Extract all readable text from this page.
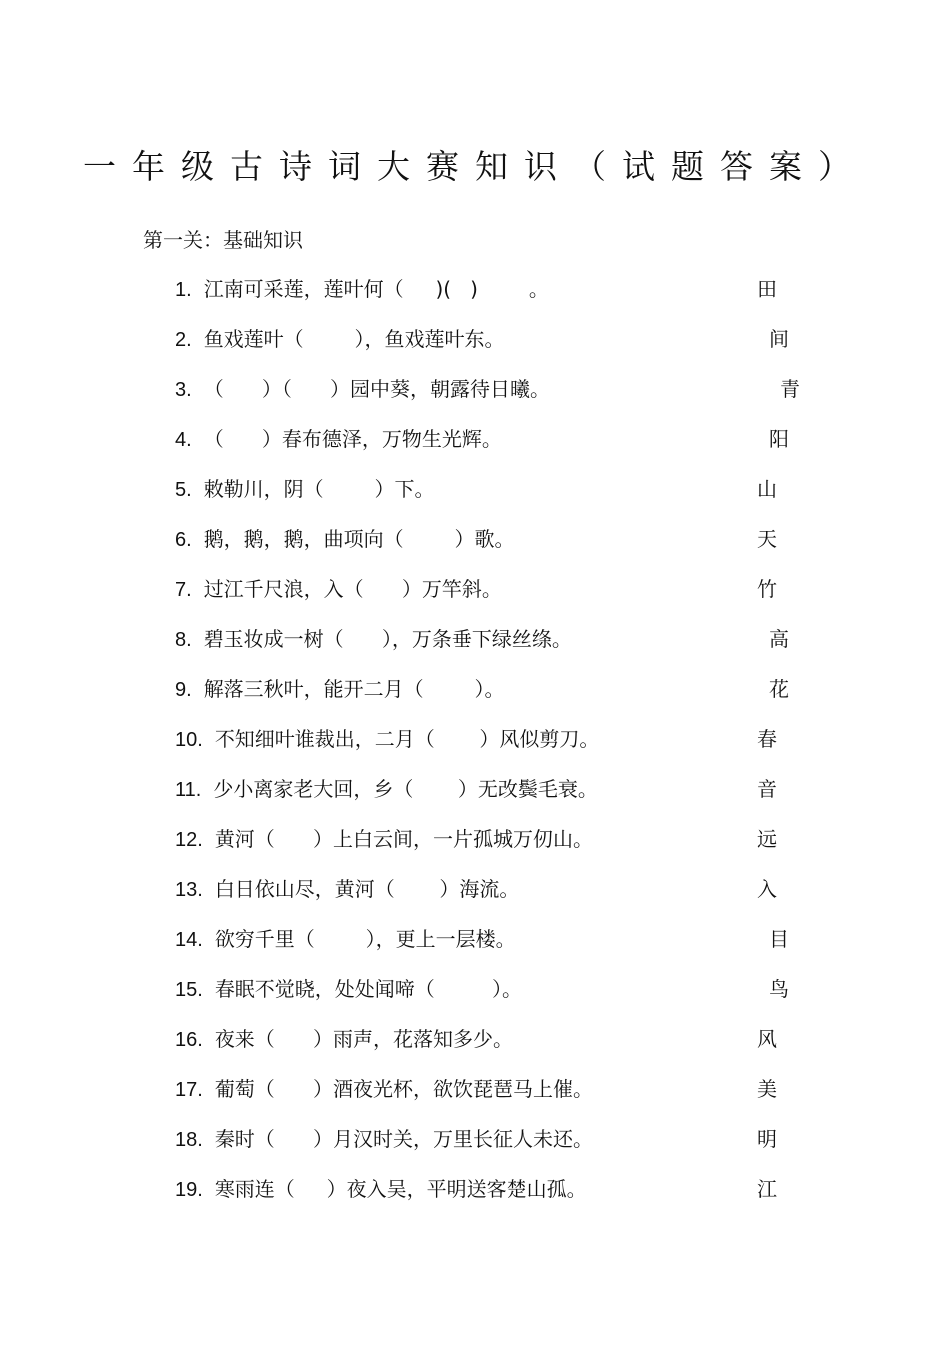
一年级古诗词大赛知识（试题答案）
第一关：基础知识
1. 江南可采莲，莲叶何（     )(   )        。	田
2. 鱼戏莲叶（        ），鱼戏莲叶东。	间
3. （      ）（      ）园中葵，朝露待日曦。	青
4. （      ）春布德泽，万物生光辉。	阳
5. 敕勒川，阴（        ）下。	山
6. 鹅，鹅，鹅，曲项向（        ）歌。	天
7. 过江千尺浪，入（      ）万竿斜。	竹
8. 碧玉妆成一树（      ），万条垂下绿丝绦。	高
9. 解落三秋叶，能开二月（        ）。	花
10. 不知细叶谁裁出，二月（       ）风似剪刀。	春
11. 少小离家老大回，乡（       ）无改鬓毛衰。	音
12. 黄河（      ）上白云间，一片孤城万仞山。	远
13. 白日依山尽，黄河（       ）海流。	入
14. 欲穷千里（        ），更上一层楼。	目
15. 春眠不觉晓，处处闻啼（         ）。	鸟
16. 夜来（      ）雨声，花落知多少。	风
17. 葡萄（      ）酒夜光杯，欲饮琵琶马上催。	美
18. 秦时（      ）月汉时关，万里长征人未还。	明
19. 寒雨连（     ）夜入吴，平明送客楚山孤。	江
